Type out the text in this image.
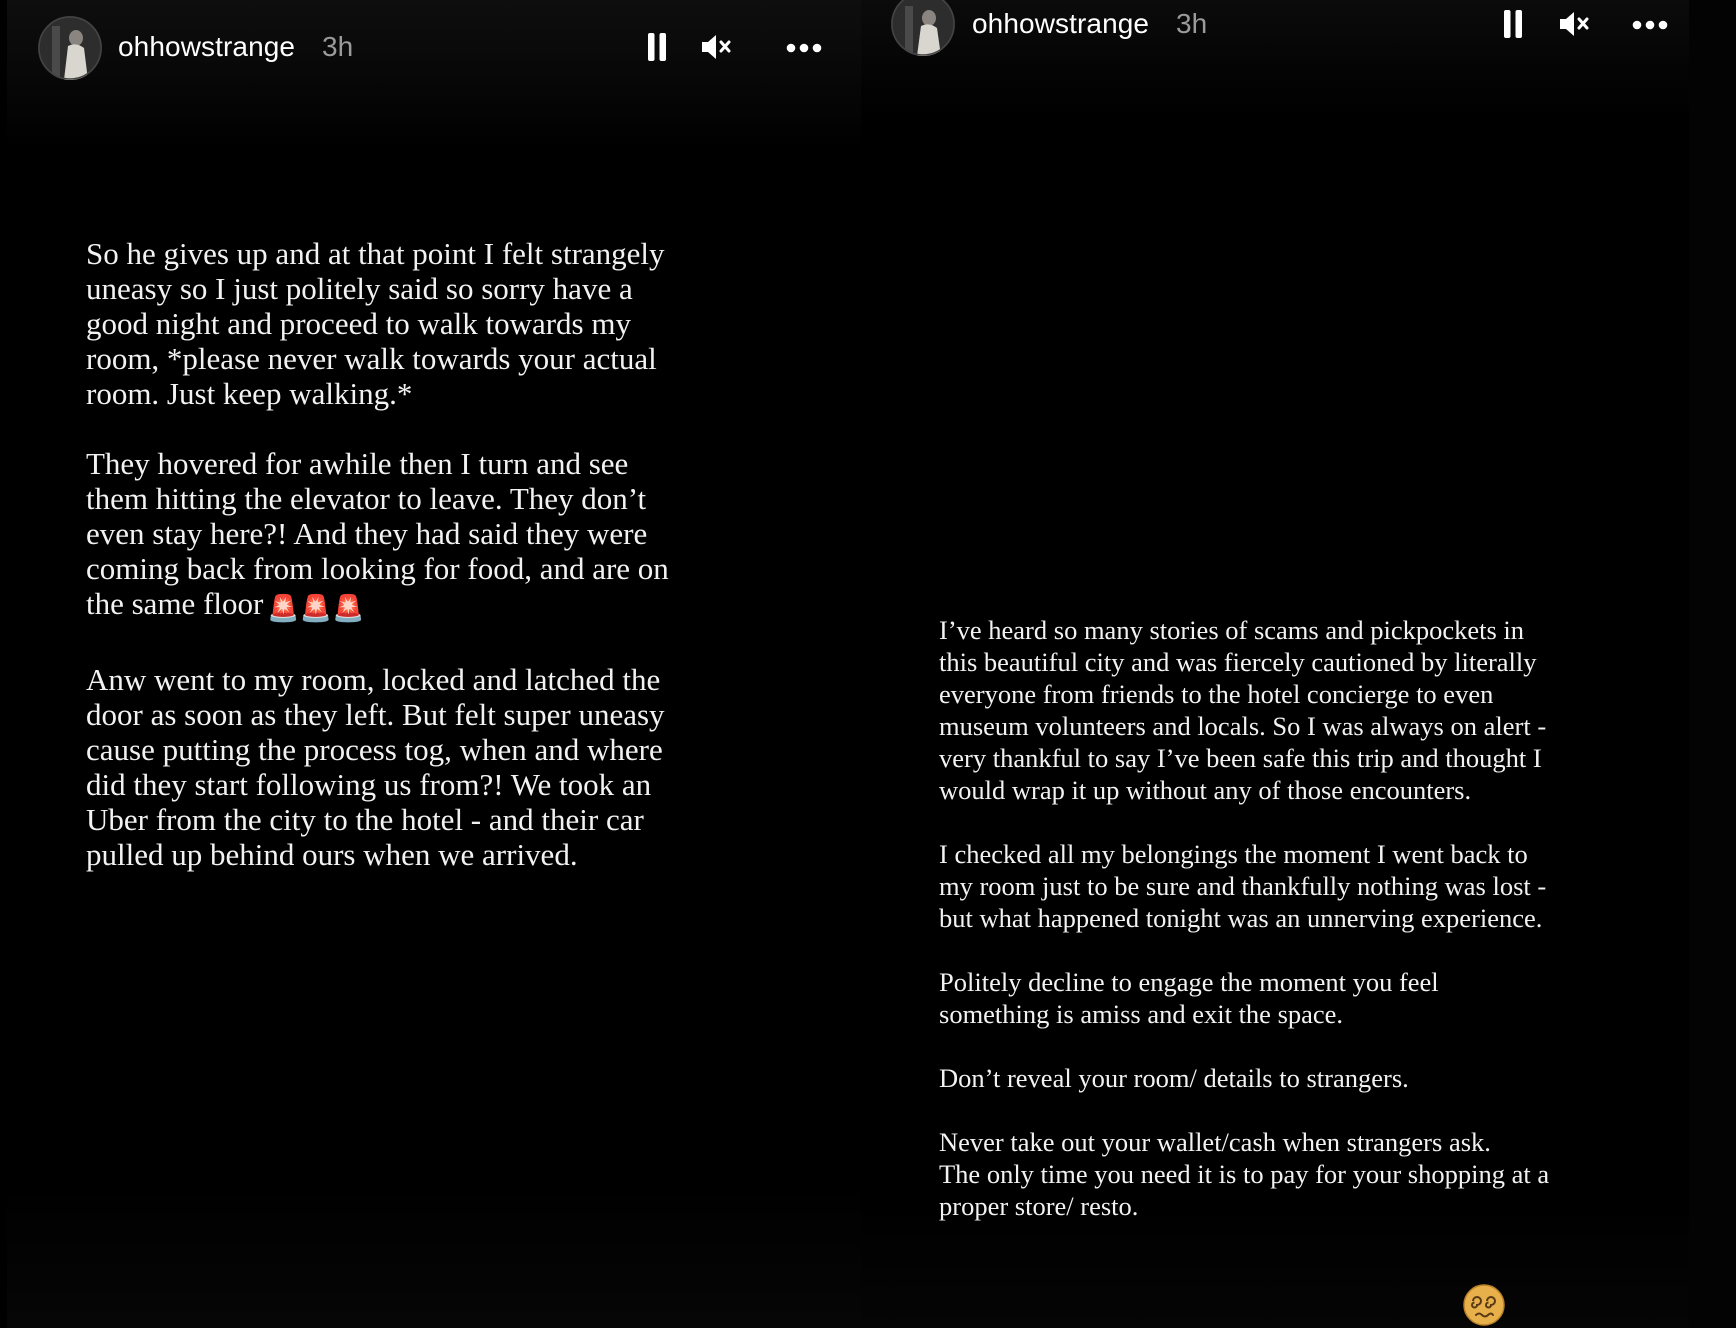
ohhowstrange 3h

So he gives up and at that point I felt strangely
uneasy so I just politely said so sorry have a
good night and proceed to walk towards my
room, *please never walk towards your actual
room. Just keep walking.*

They hovered for awhile then I turn and see
them hitting the elevator to leave. They don’t
even stay here?! And they had said they were
coming back from looking for food, and are on
the same floor 🚨🚨🚨

Anw went to my room, locked and latched the
door as soon as they left. But felt super uneasy
cause putting the process tog, when and where
did they start following us from?! We took an
Uber from the city to the hotel - and their car
pulled up behind ours when we arrived.

ohhowstrange 3h

I’ve heard so many stories of scams and pickpockets in
this beautiful city and was fiercely cautioned by literally
everyone from friends to the hotel concierge to even
museum volunteers and locals. So I was always on alert -
very thankful to say I’ve been safe this trip and thought I
would wrap it up without any of those encounters.

I checked all my belongings the moment I went back to
my room just to be sure and thankfully nothing was lost -
but what happened tonight was an unnerving experience.

Politely decline to engage the moment you feel
something is amiss and exit the space.

Don’t reveal your room/ details to strangers.

Never take out your wallet/cash when strangers ask.
The only time you need it is to pay for your shopping at a
proper store/ resto.
